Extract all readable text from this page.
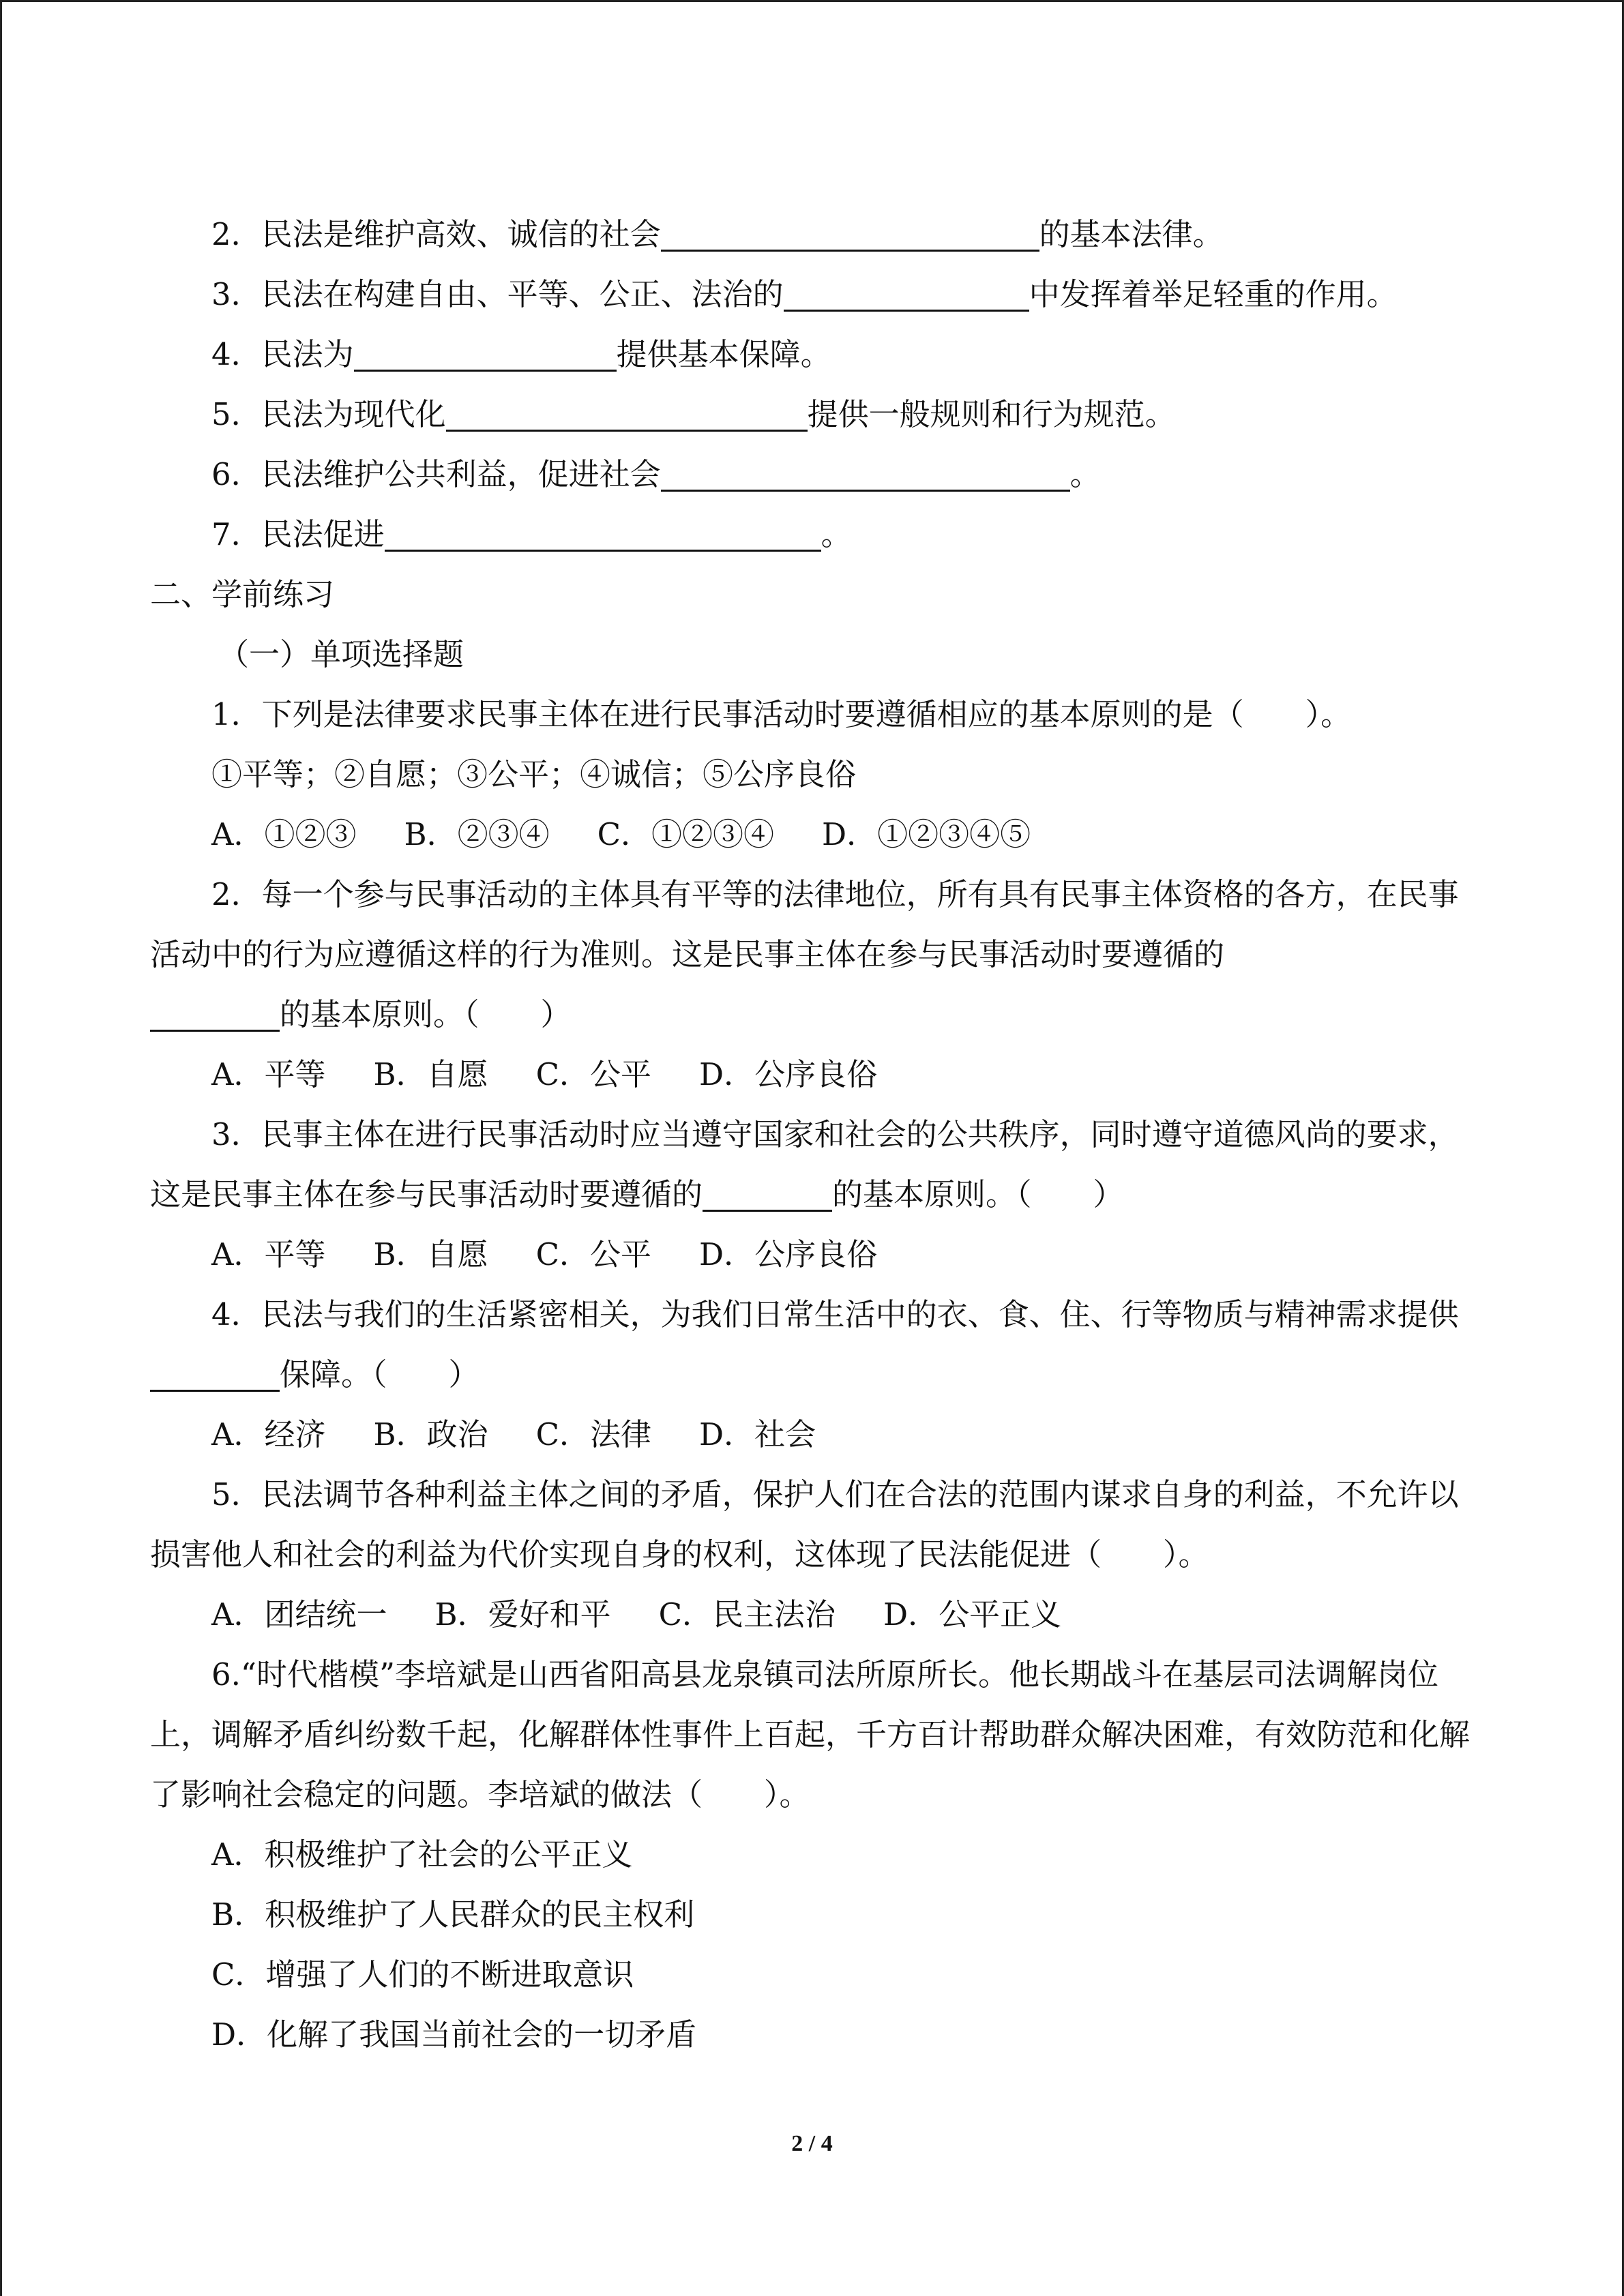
2．民法是维护高效、诚信的社会	的基本法律。
3．民法在构建自由、平等、公正、法治的	中发挥着举足轻重的作用。
4．民法为	提供基本保障。
5．民法为现代化	提供一般规则和行为规范。
6．民法维护公共利益，促进社会	。
7．民法促进	。
二、学前练习
（一）单项选择题
1．下列是法律要求民事主体在进行民事活动时要遵循相应的基本原则的是（　　）。
①平等；②自愿；③公平；④诚信；⑤公序良俗
A．①②③ B．②③④ C．①②③④ D．①②③④⑤
2．每一个参与民事活动的主体具有平等的法律地位，所有具有民事主体资格的各方，在民事活动中的行为应遵循这样的行为准则。这是民事主体在参与民事活动时要遵循的
的基本原则。（　　）
A．平等 B．自愿 C．公平 D．公序良俗
3．民事主体在进行民事活动时应当遵守国家和社会的公共秩序，同时遵守道德风尚的要求，这是民事主体在参与民事活动时要遵循的	的基本原则。（　　）
A．平等 B．自愿 C．公平 D．公序良俗
4．民法与我们的生活紧密相关，为我们日常生活中的衣、食、住、行等物质与精神需求提供保障。（　　）
A．经济 B．政治 C．法律 D．社会
5．民法调节各种利益主体之间的矛盾，保护人们在合法的范围内谋求自身的利益，不允许以损害他人和社会的利益为代价实现自身的权利，这体现了民法能促进（　　）。
A．团结统一 B．爱好和平 C．民主法治 D．公平正义
6.“时代楷模”李培斌是山西省阳高县龙泉镇司法所原所长。他长期战斗在基层司法调解岗位上，调解矛盾纠纷数千起，化解群体性事件上百起，千方百计帮助群众解决困难，有效防范和化解了影响社会稳定的问题。李培斌的做法（　　）。
A．积极维护了社会的公平正义
B．积极维护了人民群众的民主权利
C．增强了人们的不断进取意识
D．化解了我国当前社会的一切矛盾
2 / 4
